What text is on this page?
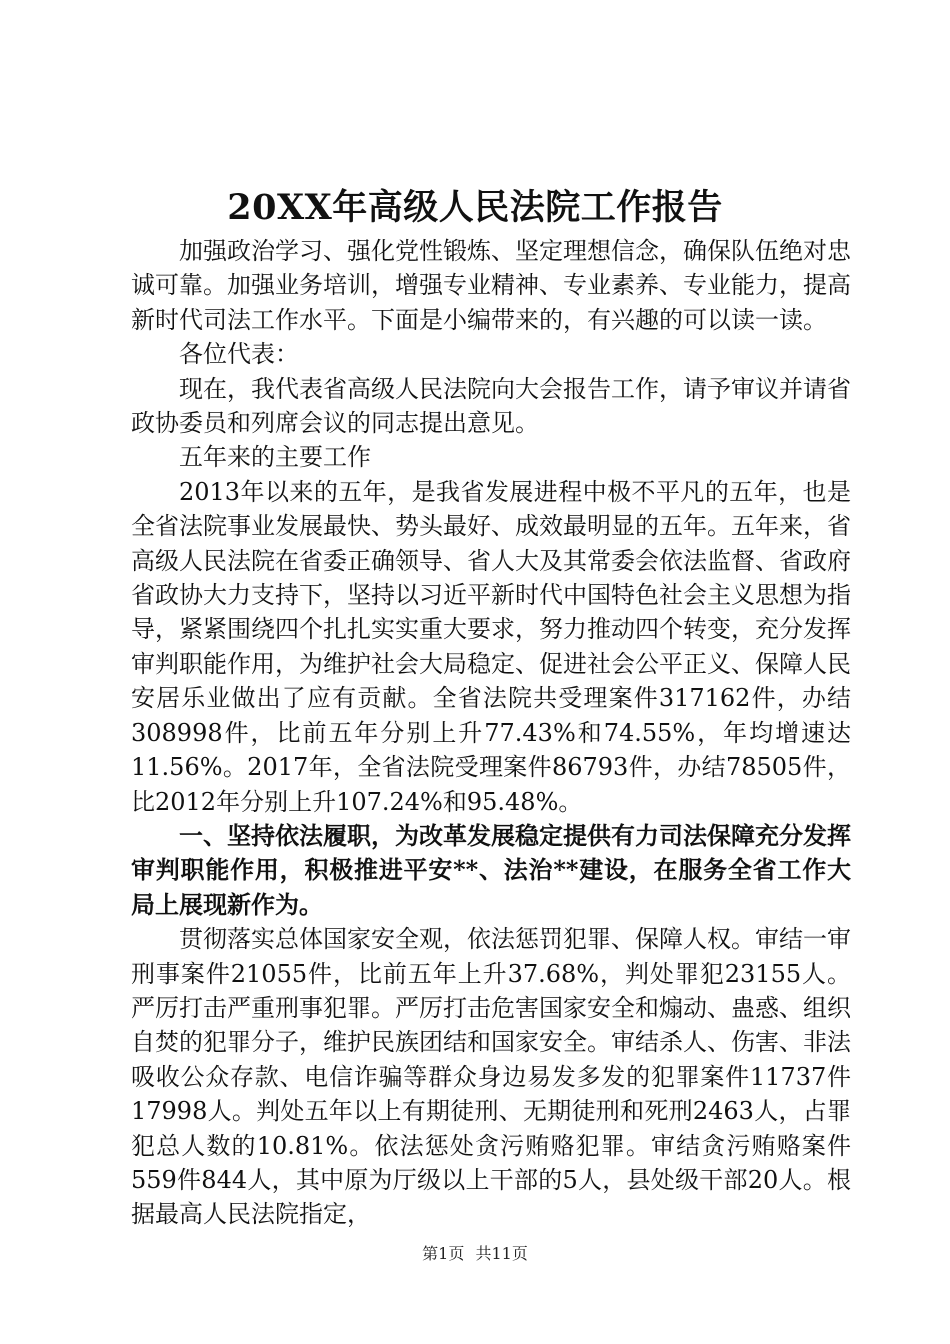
20XX年高级人民法院工作报告

加强政治学习、强化党性锻炼、坚定理想信念，确保队伍绝对忠诚可靠。加强业务培训，增强专业精神、专业素养、专业能力，提高新时代司法工作水平。下面是小编带来的，有兴趣的可以读一读。

各位代表：

现在，我代表省高级人民法院向大会报告工作，请予审议并请省政协委员和列席会议的同志提出意见。

五年来的主要工作

2013年以来的五年，是我省发展进程中极不平凡的五年，也是全省法院事业发展最快、势头最好、成效最明显的五年。五年来，省高级人民法院在省委正确领导、省人大及其常委会依法监督、省政府省政协大力支持下，坚持以习近平新时代中国特色社会主义思想为指导，紧紧围绕四个扎扎实实重大要求，努力推动四个转变，充分发挥审判职能作用，为维护社会大局稳定、促进社会公平正义、保障人民安居乐业做出了应有贡献。全省法院共受理案件317162件，办结308998件，比前五年分别上升77.43%和74.55%，年均增速达11.56%。2017年，全省法院受理案件86793件，办结78505件，比2012年分别上升107.24%和95.48%。

一、坚持依法履职，为改革发展稳定提供有力司法保障充分发挥审判职能作用，积极推进平安**、法治**建设，在服务全省工作大局上展现新作为。

贯彻落实总体国家安全观，依法惩罚犯罪、保障人权。审结一审刑事案件21055件，比前五年上升37.68%，判处罪犯23155人。严厉打击严重刑事犯罪。严厉打击危害国家安全和煽动、蛊惑、组织自焚的犯罪分子，维护民族团结和国家安全。审结杀人、伤害、非法吸收公众存款、电信诈骗等群众身边易发多发的犯罪案件11737件17998人。判处五年以上有期徒刑、无期徒刑和死刑2463人，占罪犯总人数的10.81%。依法惩处贪污贿赂犯罪。审结贪污贿赂案件559件844人，其中原为厅级以上干部的5人，县处级干部20人。根据最高人民法院指定，

第1页 共11页
